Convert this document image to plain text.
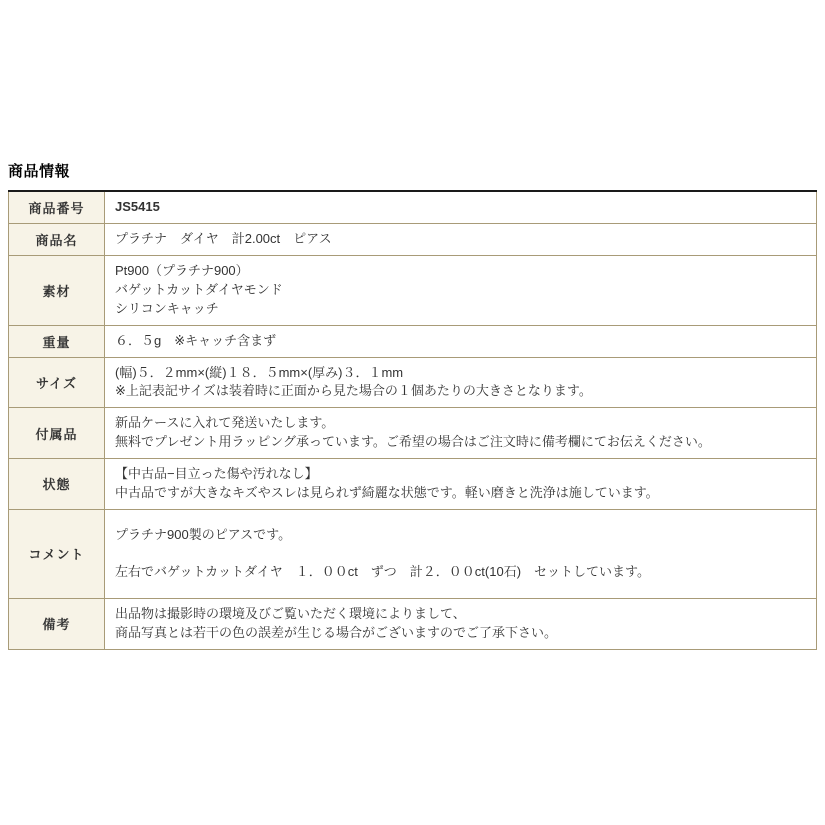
商品情報
商品番号	JS5415

商品名	プラチナ　ダイヤ　計2.00ct　ピアス

素材	Pt900（プラチナ900）
バゲットカットダイヤモンド
シリコンキャッチ

重量	６．５g　※キャッチ含まず

サイズ	(幅)５．２mm×(縦)１８．５mm×(厚み)３．１mm
※上記表記サイズは装着時に正面から見た場合の１個あたりの大きさとなります。

付属品	新品ケースに入れて発送いたします。
無料でプレゼント用ラッピング承っています。ご希望の場合はご注文時に備考欄にてお伝えください。

状態	【中古品−目立った傷や汚れなし】
中古品ですが大きなキズやスレは見られず綺麗な状態です。軽い磨きと洗浄は施しています。

コメント	プラチナ900製のピアスです。
左右でバゲットカットダイヤ　１．００ct　ずつ　計２．００ct(10石)　セットしています。

備考	出品物は撮影時の環境及びご覧いただく環境によりまして、
商品写真とは若干の色の誤差が生じる場合がございますのでご了承下さい。
